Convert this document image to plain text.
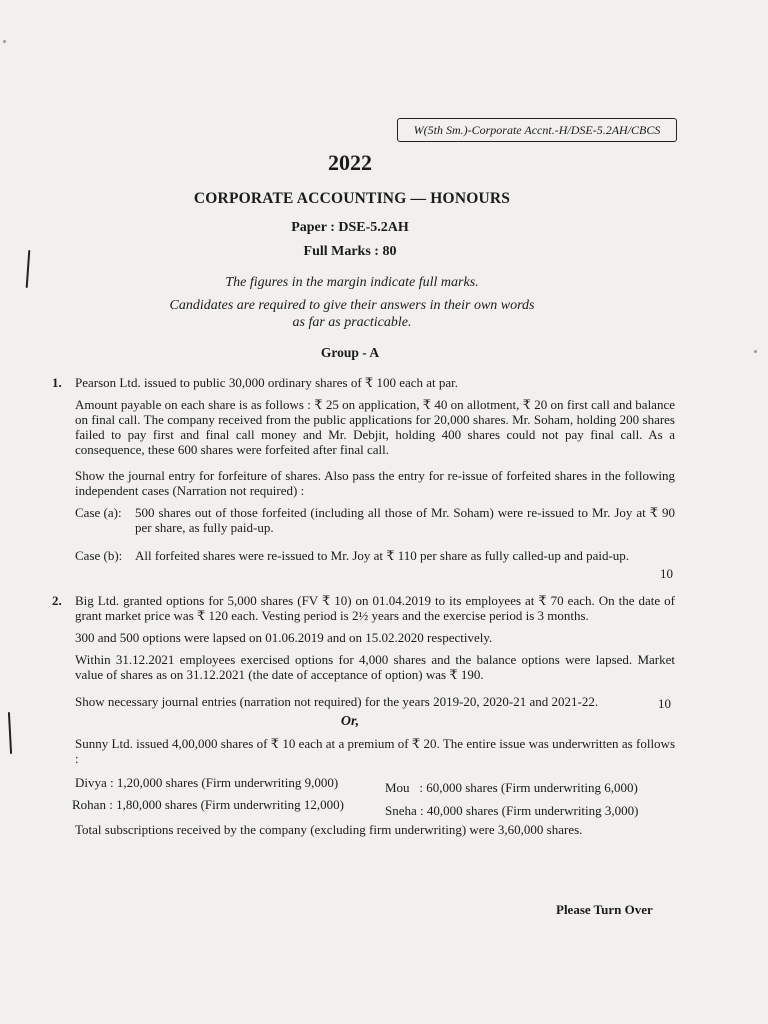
W(5th Sm.)-Corporate Accnt.-H/DSE-5.2AH/CBCS
2022
CORPORATE ACCOUNTING — HONOURS
Paper : DSE-5.2AH
Full Marks : 80
The figures in the margin indicate full marks.
Candidates are required to give their answers in their own words
as far as practicable.
Group - A
1. Pearson Ltd. issued to public 30,000 ordinary shares of ₹ 100 each at par.
Amount payable on each share is as follows : ₹ 25 on application, ₹ 40 on allotment, ₹ 20 on first call and balance on final call. The company received from the public applications for 20,000 shares. Mr. Soham, holding 200 shares failed to pay first and final call money and Mr. Debjit, holding 400 shares could not pay final call. As a consequence, these 600 shares were forfeited after final call.
Show the journal entry for forfeiture of shares. Also pass the entry for re-issue of forfeited shares in the following independent cases (Narration not required) :
Case (a): 500 shares out of those forfeited (including all those of Mr. Soham) were re-issued to Mr. Joy at ₹ 90 per share, as fully paid-up.
Case (b): All forfeited shares were re-issued to Mr. Joy at ₹ 110 per share as fully called-up and paid-up.
10
2. Big Ltd. granted options for 5,000 shares (FV ₹ 10) on 01.04.2019 to its employees at ₹ 70 each. On the date of grant market price was ₹ 120 each. Vesting period is 2½ years and the exercise period is 3 months.
300 and 500 options were lapsed on 01.06.2019 and on 15.02.2020 respectively.
Within 31.12.2021 employees exercised options for 4,000 shares and the balance options were lapsed. Market value of shares as on 31.12.2021 (the date of acceptance of option) was ₹ 190.
Show necessary journal entries (narration not required) for the years 2019-20, 2020-21 and 2021-22.	10
Or,
Sunny Ltd. issued 4,00,000 shares of ₹ 10 each at a premium of ₹ 20. The entire issue was underwritten as follows :
Divya : 1,20,000 shares (Firm underwriting 9,000)	Mou   : 60,000 shares (Firm underwriting 6,000)
Rohan : 1,80,000 shares (Firm underwriting 12,000)	Sneha : 40,000 shares (Firm underwriting 3,000)
Total subscriptions received by the company (excluding firm underwriting) were 3,60,000 shares.
Please Turn Over
